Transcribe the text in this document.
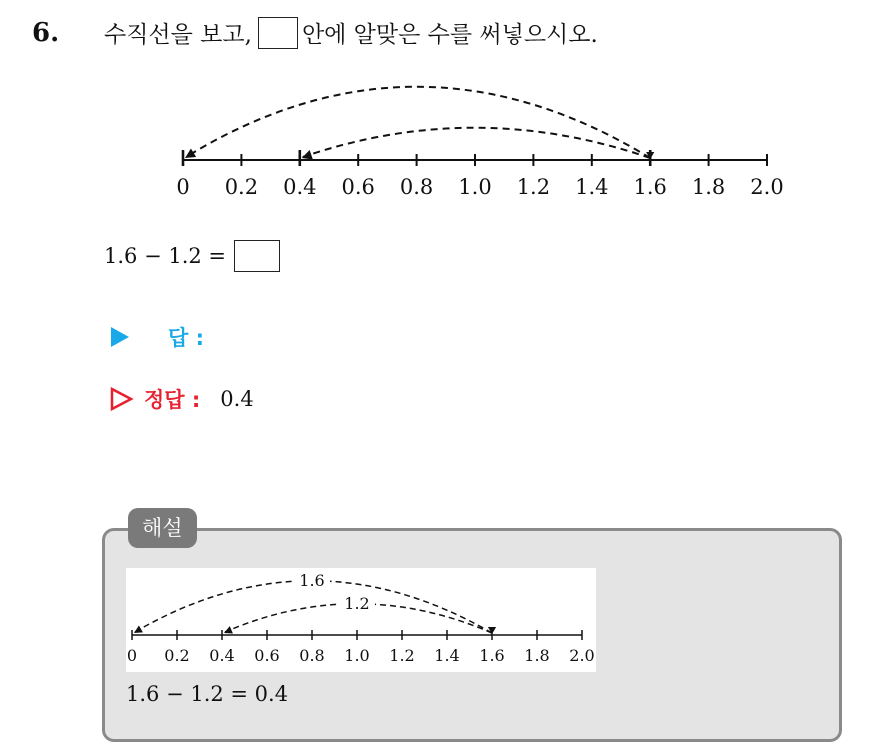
6. 수직선을 보고, 안에 알맞은 수를 써넣으시오.
0 0.2 0.4 0.6 0.8 1.0 1.2 1.4 1.6 1.8 2.0
1.6 − 1.2 =
답 :
정답 : 0.4
해설
0 0.2 0.4 0.6 0.8 1.0 1.2 1.4 1.6 1.8 2.0
1.6
1.2
1.6 − 1.2 = 0.4
